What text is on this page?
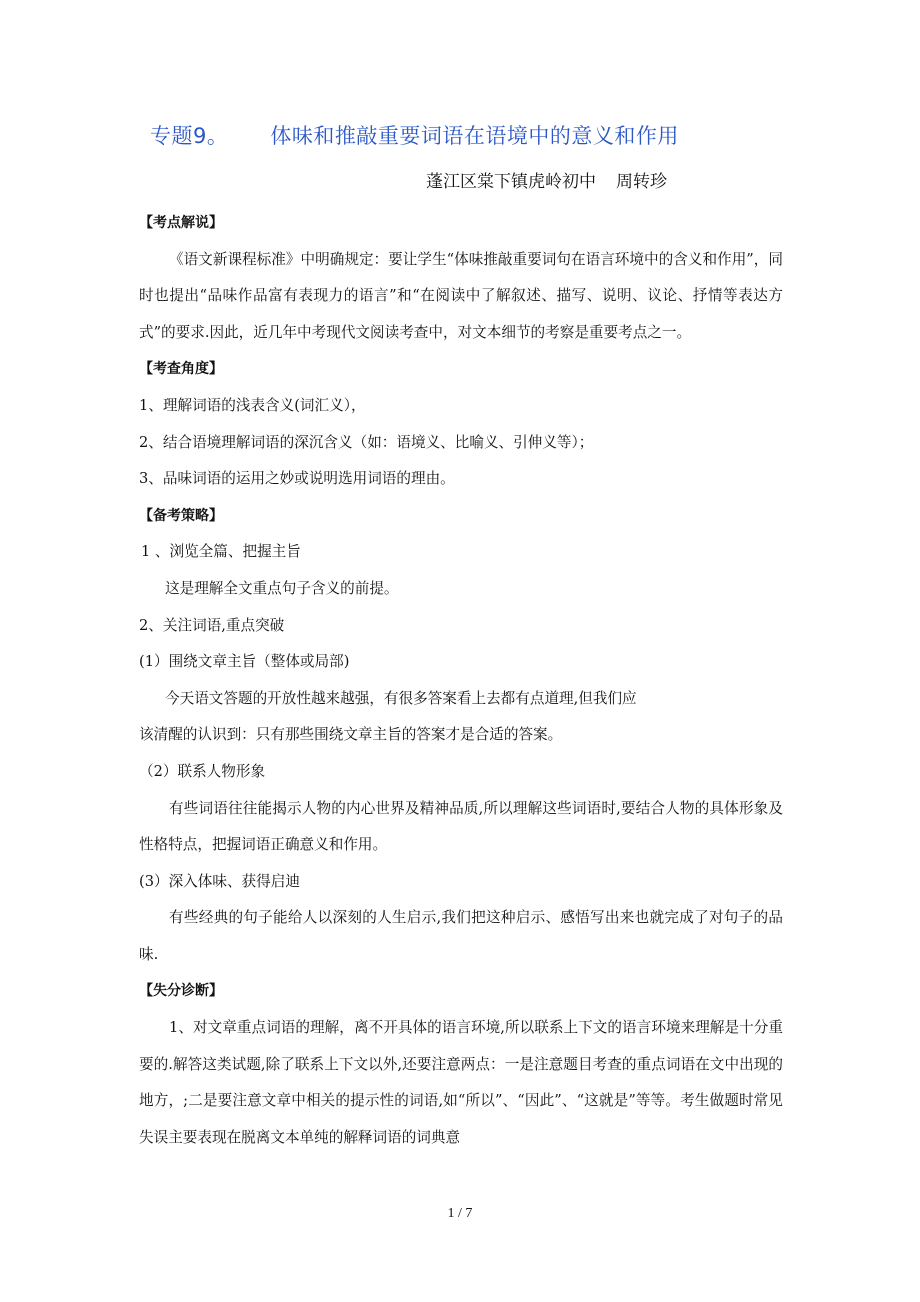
专题9。 体味和推敲重要词语在语境中的意义和作用
蓬江区棠下镇虎岭初中 周转珍

【考点解说】

《语文新课程标准》中明确规定：要让学生“体味推敲重要词句在语言环境中的含义和作用”，同时也提出“品味作品富有表现力的语言”和“在阅读中了解叙述、描写、说明、议论、抒情等表达方式”的要求.因此，近几年中考现代文阅读考查中，对文本细节的考察是重要考点之一。

【考查角度】

1、理解词语的浅表含义(词汇义），

2、结合语境理解词语的深沉含义（如：语境义、比喻义、引伸义等）；

3、品味词语的运用之妙或说明选用词语的理由。

【备考策略】

1 、浏览全篇、把握主旨

这是理解全文重点句子含义的前提。

2、关注词语,重点突破

(1）围绕文章主旨（整体或局部)

今天语文答题的开放性越来越强，有很多答案看上去都有点道理,但我们应

该清醒的认识到：只有那些围绕文章主旨的答案才是合适的答案。

（2）联系人物形象

有些词语往往能揭示人物的内心世界及精神品质,所以理解这些词语时,要结合人物的具体形象及性格特点，把握词语正确意义和作用。

(3）深入体味、获得启迪

有些经典的句子能给人以深刻的人生启示,我们把这种启示、感悟写出来也就完成了对句子的品味.

【失分诊断】

1、对文章重点词语的理解，离不开具体的语言环境,所以联系上下文的语言环境来理解是十分重要的.解答这类试题,除了联系上下文以外,还要注意两点：一是注意题目考查的重点词语在文中出现的地方，;二是要注意文章中相关的提示性的词语,如“所以”、“因此”、“这就是”等等。考生做题时常见失误主要表现在脱离文本单纯的解释词语的词典意

1 / 7
